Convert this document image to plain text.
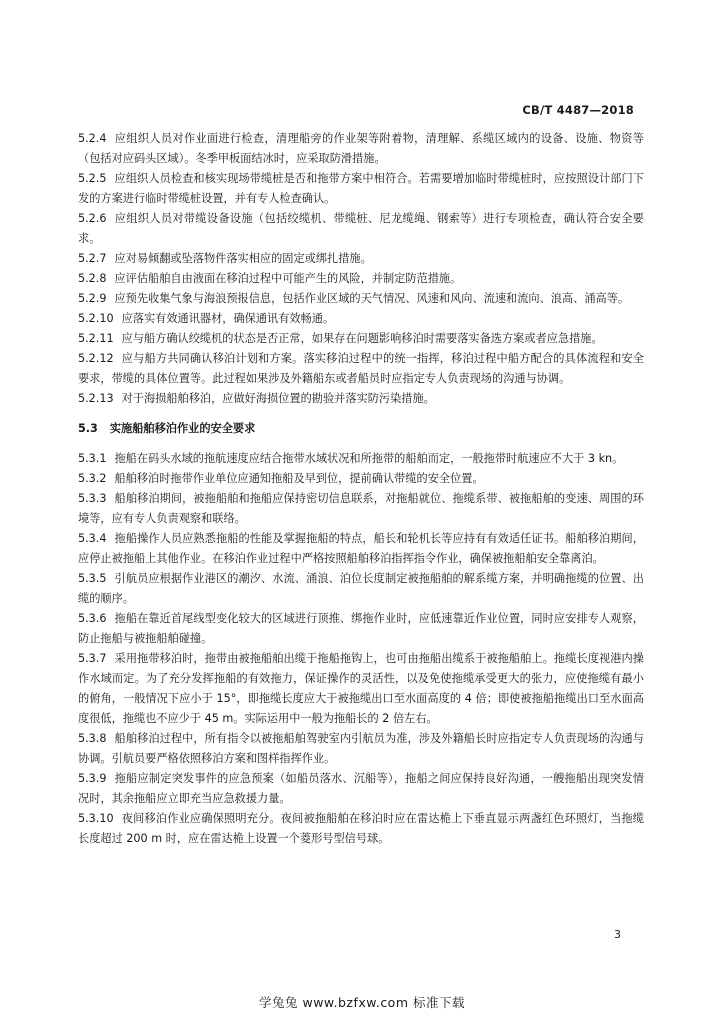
CB/T 4487—2018
5.2.4 应组织人员对作业面进行检查，清理船旁的作业架等附着物，清理解、系缆区域内的设备、设施、物资等（包括对应码头区域）。冬季甲板面结冰时，应采取防滑措施。
5.2.5 应组织人员检查和核实现场带缆桩是否和拖带方案中相符合。若需要增加临时带缆桩时，应按照设计部门下发的方案进行临时带缆桩设置，并有专人检查确认。
5.2.6 应组织人员对带缆设备设施（包括绞缆机、带缆桩、尼龙缆绳、钢索等）进行专项检查，确认符合安全要求。
5.2.7 应对易倾翻或坠落物件落实相应的固定或绑扎措施。
5.2.8 应评估船舶自由液面在移泊过程中可能产生的风险，并制定防范措施。
5.2.9 应预先收集气象与海浪预报信息，包括作业区域的天气情况、风速和风向、流速和流向、浪高、涌高等。
5.2.10 应落实有效通讯器材，确保通讯有效畅通。
5.2.11 应与船方确认绞缆机的状态是否正常，如果存在问题影响移泊时需要落实备选方案或者应急措施。
5.2.12 应与船方共同确认移泊计划和方案。落实移泊过程中的统一指挥，移泊过程中船方配合的具体流程和安全要求，带缆的具体位置等。此过程如果涉及外籍船东或者船员时应指定专人负责现场的沟通与协调。
5.2.13 对于海损船舶移泊，应做好海损位置的勘验并落实防污染措施。
5.3 实施船舶移泊作业的安全要求
5.3.1 拖船在码头水域的拖航速度应结合拖带水域状况和所拖带的船舶而定，一般拖带时航速应不大于 3 kn。
5.3.2 船舶移泊时拖带作业单位应通知拖船及早到位，提前确认带缆的安全位置。
5.3.3 船舶移泊期间，被拖船舶和拖船应保持密切信息联系，对拖船就位、拖缆系带、被拖船舶的变速、周围的环境等，应有专人负责观察和联络。
5.3.4 拖船操作人员应熟悉拖船的性能及掌握拖船的特点，船长和轮机长等应持有有效适任证书。船舶移泊期间，应停止被拖船上其他作业。在移泊作业过程中严格按照船舶移泊指挥指令作业，确保被拖船舶安全靠离泊。
5.3.5 引航员应根据作业港区的潮汐、水流、涌浪、泊位长度制定被拖船舶的解系缆方案，并明确拖缆的位置、出缆的顺序。
5.3.6 拖船在靠近首尾线型变化较大的区域进行顶推、绑拖作业时，应低速靠近作业位置，同时应安排专人观察，防止拖船与被拖船舶碰撞。
5.3.7 采用拖带移泊时，拖带由被拖船舶出缆于拖船拖钩上，也可由拖船出缆系于被拖船舶上。拖缆长度视港内操作水域而定。为了充分发挥拖船的有效拖力，保证操作的灵活性，以及免使拖缆承受更大的张力，应使拖缆有最小的俯角，一般情况下应小于 15°，即拖缆长度应大于被拖缆出口至水面高度的 4 倍；即使被拖船拖缆出口至水面高度很低，拖缆也不应少于 45 m。实际运用中一般为拖船长的 2 倍左右。
5.3.8 船舶移泊过程中，所有指令以被拖船舶驾驶室内引航员为准，涉及外籍船长时应指定专人负责现场的沟通与协调。引航员要严格依照移泊方案和图样指挥作业。
5.3.9 拖船应制定突发事件的应急预案（如船员落水、沉船等），拖船之间应保持良好沟通，一艘拖船出现突发情况时，其余拖船应立即充当应急救援力量。
5.3.10 夜间移泊作业应确保照明充分。夜间被拖船舶在移泊时应在雷达桅上下垂直显示两盏红色环照灯，当拖缆长度超过 200 m 时，应在雷达桅上设置一个菱形号型信号球。
3
学兔兔 www.bzfxw.com 标准下载
